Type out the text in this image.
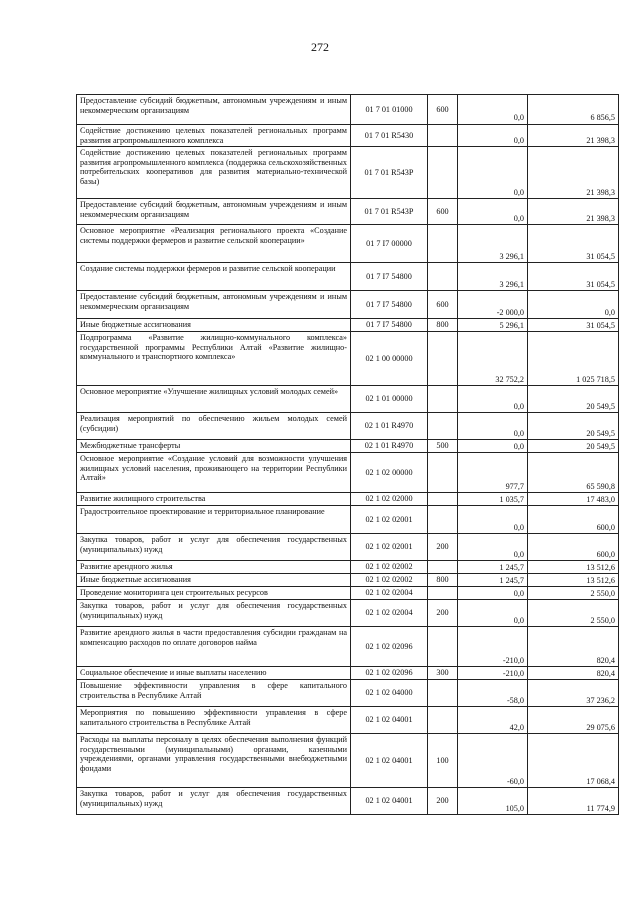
272
Предоставление субсидий бюджетным, автономным учреждениям и иным некоммерческим организациям	01 7 01 01000	600	0,0	6 856,5
Содействие достижению целевых показателей региональных программ развития агропромышленного комплекса	01 7 01 R5430		0,0	21 398,3
Содействие достижению целевых показателей региональных программ развития агропромышленного комплекса (поддержка сельскохозяйственных потребительских кооперативов для развития материально-технической базы)	01 7 01 R543P		0,0	21 398,3
Предоставление субсидий бюджетным, автономным учреждениям и иным некоммерческим организациям	01 7 01 R543P	600	0,0	21 398,3
Основное мероприятие «Реализация регионального проекта «Создание системы поддержки фермеров и развитие сельской кооперации»	01 7 I7 00000		3 296,1	31 054,5
Создание системы поддержки фермеров и развитие сельской кооперации	01 7 I7 54800		3 296,1	31 054,5
Предоставление субсидий бюджетным, автономным учреждениям и иным некоммерческим организациям	01 7 I7 54800	600	-2 000,0	0,0
Иные бюджетные ассигнования	01 7 I7 54800	800	5 296,1	31 054,5
Подпрограмма «Развитие жилищно-коммунального комплекса» государственной программы Республики Алтай «Развитие жилищно-коммунального и транспортного комплекса»	02 1 00 00000		32 752,2	1 025 718,5
Основное мероприятие «Улучшение жилищных условий молодых семей»	02 1 01 00000		0,0	20 549,5
Реализация мероприятий по обеспечению жильем молодых семей (субсидии)	02 1 01 R4970		0,0	20 549,5
Межбюджетные трансферты	02 1 01 R4970	500	0,0	20 549,5
Основное мероприятие «Создание условий для возможности улучшения жилищных условий населения, проживающего на территории Республики Алтай»	02 1 02 00000		977,7	65 590,8
Развитие жилищного строительства	02 1 02 02000		1 035,7	17 483,0
Градостроительное проектирование и территориальное планирование	02 1 02 02001		0,0	600,0
Закупка товаров, работ и услуг для обеспечения государственных (муниципальных) нужд	02 1 02 02001	200	0,0	600,0
Развитие арендного жилья	02 1 02 02002		1 245,7	13 512,6
Иные бюджетные ассигнования	02 1 02 02002	800	1 245,7	13 512,6
Проведение мониторинга цен строительных ресурсов	02 1 02 02004		0,0	2 550,0
Закупка товаров, работ и услуг для обеспечения государственных (муниципальных) нужд	02 1 02 02004	200	0,0	2 550,0
Развитие арендного жилья в части предоставления субсидии гражданам на компенсацию расходов по оплате договоров найма	02 1 02 02096		-210,0	820,4
Социальное обеспечение и иные выплаты населению	02 1 02 02096	300	-210,0	820,4
Повышение эффективности управления в сфере капитального строительства в Республике Алтай	02 1 02 04000		-58,0	37 236,2
Мероприятия по повышению эффективности управления в сфере капитального строительства в Республике Алтай	02 1 02 04001		42,0	29 075,6
Расходы на выплаты персоналу в целях обеспечения выполнения функций государственными (муниципальными) органами, казенными учреждениями, органами управления государственными внебюджетными фондами	02 1 02 04001	100	-60,0	17 068,4
Закупка товаров, работ и услуг для обеспечения государственных (муниципальных) нужд	02 1 02 04001	200	105,0	11 774,9
